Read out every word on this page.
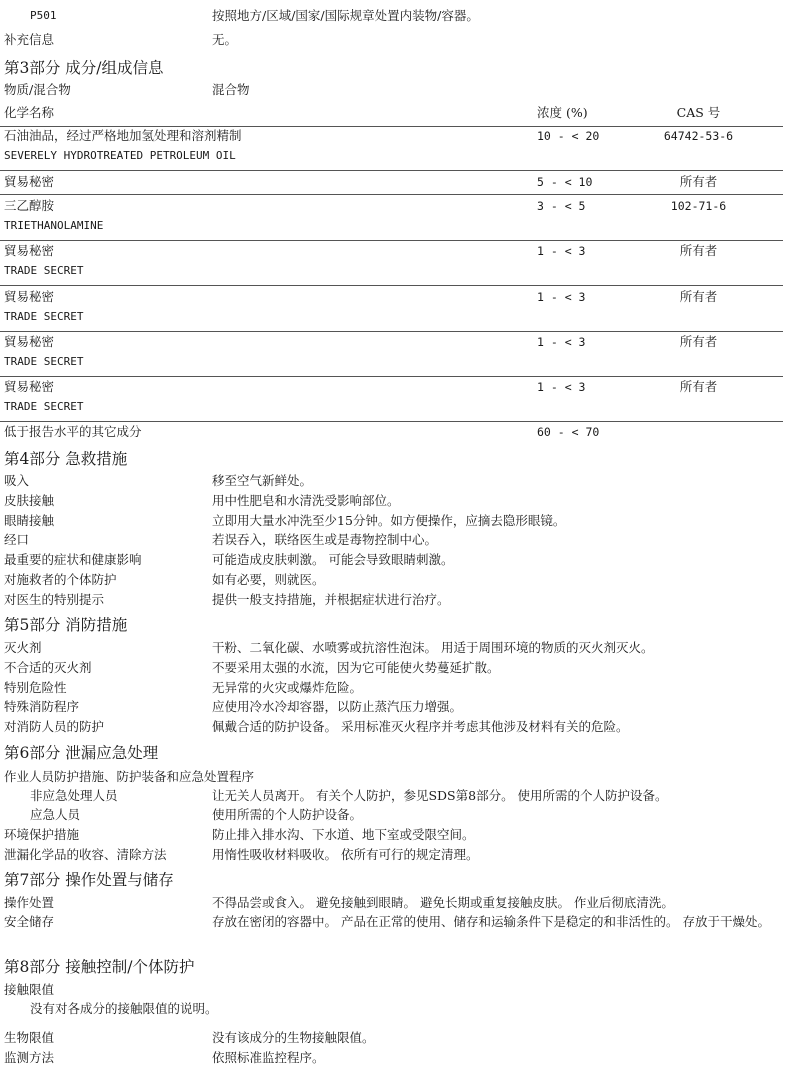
P501	按照地方/区域/国家/国际规章处置内装物/容器。
补充信息	无。
第3部分 成分/组成信息
物质/混合物	混合物
化学名称	浓度 (%)	CAS 号
石油油品，经过严格地加氢处理和溶剂精制	10 - < 20	64742-53-6
SEVERELY HYDROTREATED PETROLEUM OIL
貿易秘密	5 - < 10	所有者
三乙醇胺	3 - < 5	102-71-6
TRIETHANOLAMINE
貿易秘密	1 - < 3	所有者
TRADE SECRET
貿易秘密	1 - < 3	所有者
TRADE SECRET
貿易秘密	1 - < 3	所有者
TRADE SECRET
貿易秘密	1 - < 3	所有者
TRADE SECRET
低于报告水平的其它成分	60 - < 70
第4部分 急救措施
吸入	移至空气新鲜处。
皮肤接触	用中性肥皂和水清洗受影响部位。
眼睛接触	立即用大量水冲洗至少15分钟。如方便操作，应摘去隐形眼镜。
经口	若误吞入，联络医生或是毒物控制中心。
最重要的症状和健康影响	可能造成皮肤刺激。 可能会导致眼睛刺激。
对施救者的个体防护	如有必要，则就医。
对医生的特别提示	提供一般支持措施，并根据症状进行治疗。
第5部分 消防措施
灭火剂	干粉、二氧化碳、水喷雾或抗溶性泡沫。 用适于周围环境的物质的灭火剂灭火。
不合适的灭火剂	不要采用太强的水流，因为它可能使火势蔓延扩散。
特别危险性	无异常的火灾或爆炸危险。
特殊消防程序	应使用冷水冷却容器，以防止蒸汽压力增强。
对消防人员的防护	佩戴合适的防护设备。 采用标准灭火程序并考虑其他涉及材料有关的危险。
第6部分 泄漏应急处理
作业人员防护措施、防护装备和应急处置程序
非应急处理人员	让无关人员离开。 有关个人防护，参见SDS第8部分。 使用所需的个人防护设备。
应急人员	使用所需的个人防护设备。
环境保护措施	防止排入排水沟、下水道、地下室或受限空间。
泄漏化学品的收容、清除方法	用惰性吸收材料吸收。 依所有可行的规定清理。
第7部分 操作处置与储存
操作处置	不得品尝或食入。 避免接触到眼睛。 避免长期或重复接触皮肤。 作业后彻底清洗。
安全储存	存放在密闭的容器中。 产品在正常的使用、储存和运输条件下是稳定的和非活性的。 存放于干燥处。
第8部分 接触控制/个体防护
接触限值
没有对各成分的接触限值的说明。
生物限值	没有该成分的生物接触限值。
监测方法	依照标准监控程序。
